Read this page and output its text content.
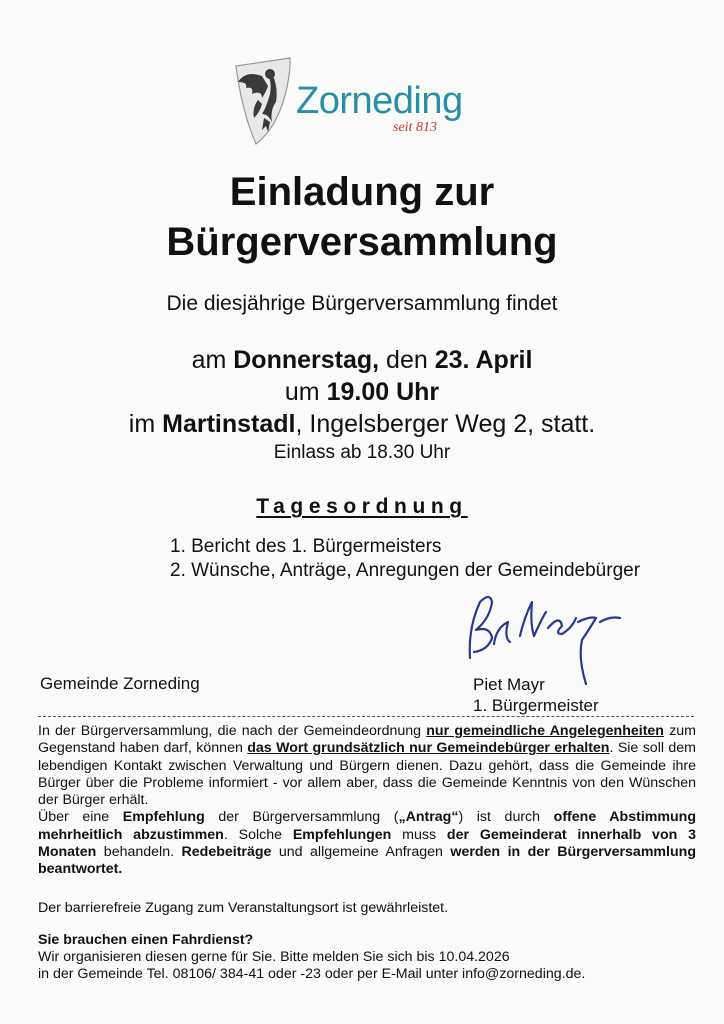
Zorneding
seit 813
Einladung zur
Bürgerversammlung
Die diesjährige Bürgerversammlung findet
am Donnerstag, den 23. April
um 19.00 Uhr
im Martinstadl, Ingelsberger Weg 2, statt.
Einlass ab 18.30 Uhr
Tagesordnung
1. Bericht des 1. Bürgermeisters
2. Wünsche, Anträge, Anregungen der Gemeindebürger
Gemeinde Zorneding	Piet Mayr
1. Bürgermeister

In der Bürgerversammlung, die nach der Gemeindeordnung nur gemeindliche Angelegenheiten zum Gegenstand haben darf, können das Wort grundsätzlich nur Gemeindebürger erhalten. Sie soll dem lebendigen Kontakt zwischen Verwaltung und Bürgern dienen. Dazu gehört, dass die Gemeinde ihre Bürger über die Probleme informiert - vor allem aber, dass die Gemeinde Kenntnis von den Wünschen der Bürger erhält.

Über eine Empfehlung der Bürgerversammlung („Antrag“) ist durch offene Abstimmung mehrheitlich abzustimmen. Solche Empfehlungen muss der Gemeinderat innerhalb von 3 Monaten behandeln. Redebeiträge und allgemeine Anfragen werden in der Bürgerversammlung beantwortet.

Der barrierefreie Zugang zum Veranstaltungsort ist gewährleistet.
Sie brauchen einen Fahrdienst?
Wir organisieren diesen gerne für Sie. Bitte melden Sie sich bis 10.04.2026
in der Gemeinde Tel. 08106/ 384-41 oder -23 oder per E-Mail unter info@zorneding.de.
